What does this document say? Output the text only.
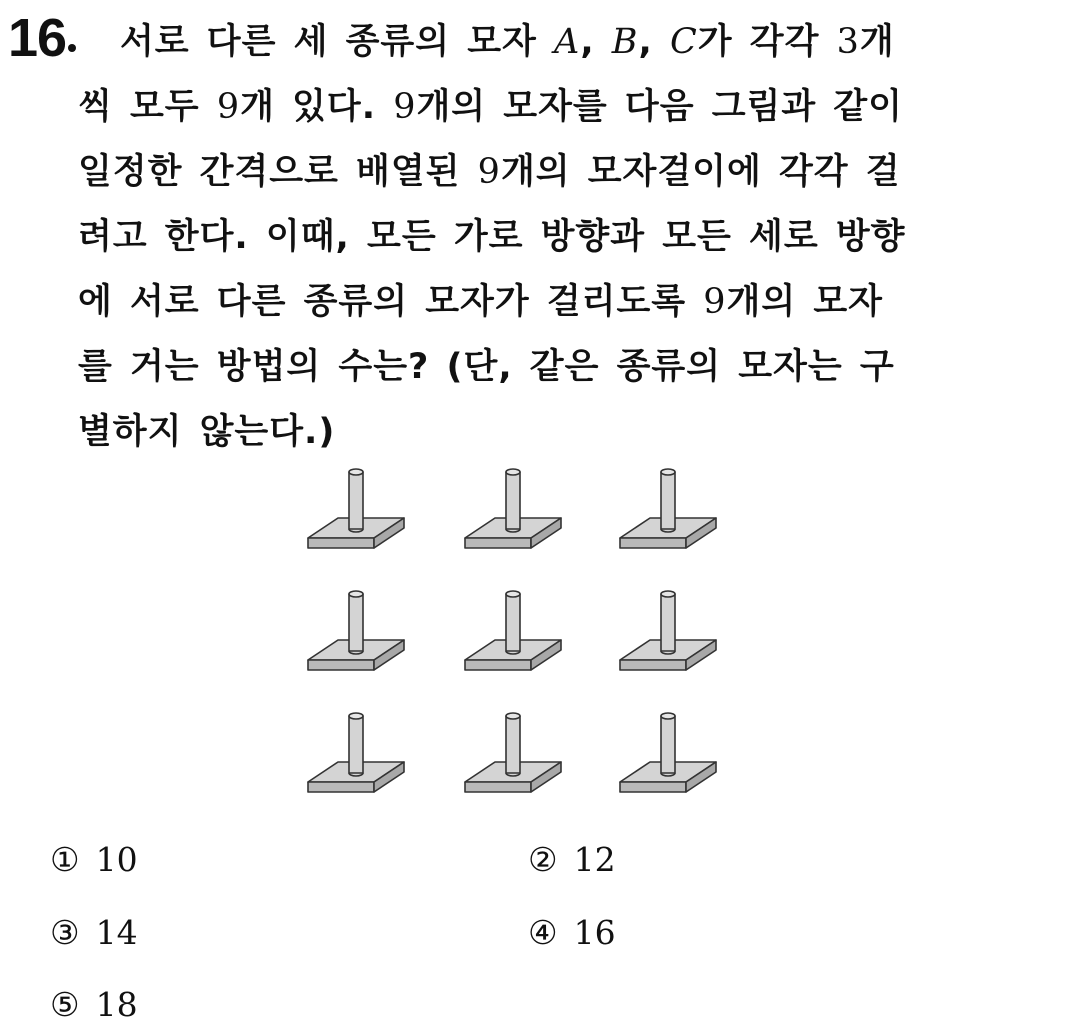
16 서로 다른 세 종류의 모자 A, B, C가 각각 3개
씩 모두 9개 있다. 9개의 모자를 다음 그림과 같이
일정한 간격으로 배열된 9개의 모자걸이에 각각 걸
려고 한다. 이때, 모든 가로 방향과 모든 세로 방향
에 서로 다른 종류의 모자가 걸리도록 9개의 모자
를 거는 방법의 수는? (단, 같은 종류의 모자는 구
별하지 않는다.)
① 10	② 12
③ 14	④ 16
⑤ 18
